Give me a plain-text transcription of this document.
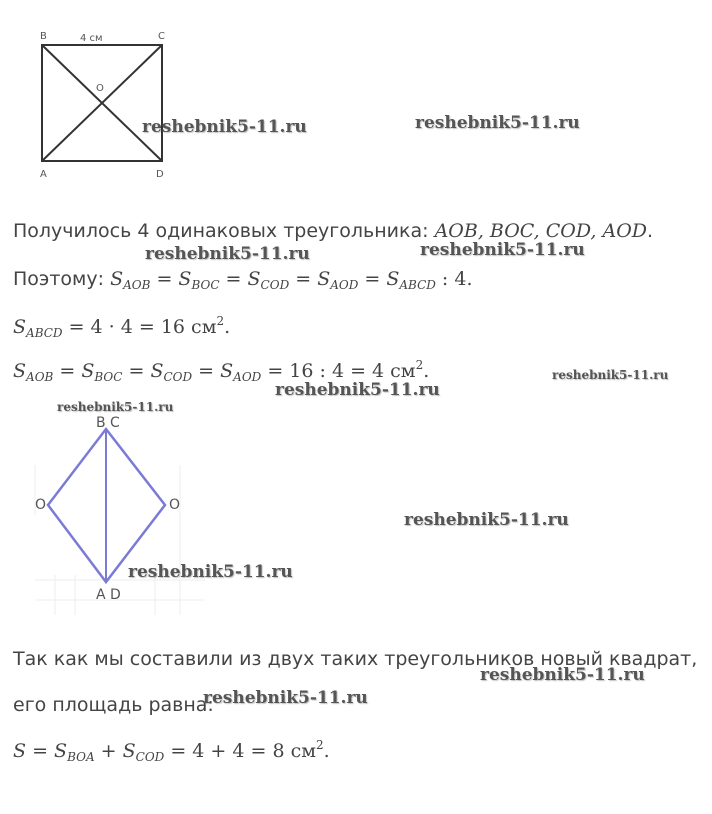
B	C
4 см
O
A	D
Получилось 4 одинаковых треугольника: AOB, BOC, COD, AOD.
Поэтому: $S_{AOB} = S_{BOC} = S_{COD} = S_{AOD} = S_{ABCD}$ : 4.
$S_{ABCD} = 4 \cdot 4 = 16$ $см^2$.
$S_{AOB} = S_{BOC} = S_{COD} = S_{AOD} = 16$ : 4 = 4 $см^2$.
B C
O	O
A D
Так как мы составили из двух таких треугольников новый квадрат,
его площадь равна:
$S = S_{BOA} + S_{COD} = 4 + 4 = 8$ $см^2$.
reshebnik5-11.ru	reshebnik5-11.ru
reshebnik5-11.ru	reshebnik5-11.ru
reshebnik5-11.ru
reshebnik5-11.ru
reshebnik5-11.ru
reshebnik5-11.ru
reshebnik5-11.ru
reshebnik5-11.ru
reshebnik5-11.ru
